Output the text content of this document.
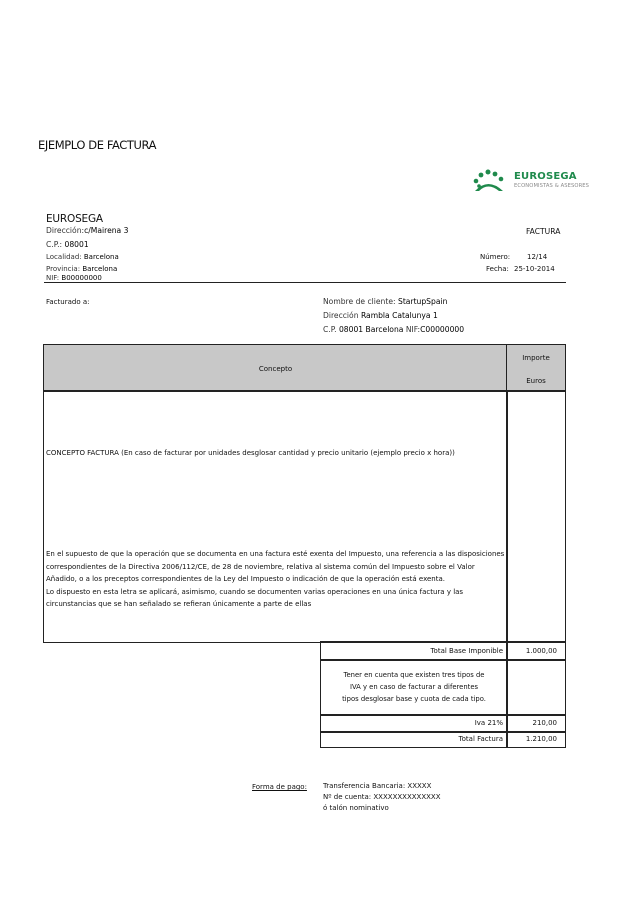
EJEMPLO DE FACTURA
EUROSEGA
ECONOMISTAS & ASESORES
EUROSEGA
Dirección:c/Mairena 3
C.P.: 08001
Localidad: Barcelona
Provincia: Barcelona
NIF: B00000000
FACTURA
Número: 12/14
Fecha: 25-10-2014
Facturado a:	Nombre de cliente: StartupSpain
Dirección Rambla Catalunya 1
C.P. 08001 Barcelona NIF:C00000000
Concepto
Importe
Euros
CONCEPTO FACTURA (En caso de facturar por unidades desglosar cantidad y precio unitario (ejemplo precio x hora))
En el supuesto de que la operación que se documenta en una factura esté exenta del Impuesto, una referencia a las disposiciones
correspondientes de la Directiva 2006/112/CE, de 28 de noviembre, relativa al sistema común del Impuesto sobre el Valor
Añadido, o a los preceptos correspondientes de la Ley del Impuesto o indicación de que la operación está exenta.
Lo dispuesto en esta letra se aplicará, asimismo, cuando se documenten varias operaciones en una única factura y las
circunstancias que se han señalado se refieran únicamente a parte de ellas
Total Base Imponible	1.000,00
Tener en cuenta que existen tres tipos de
IVA y en caso de facturar a diferentes
tipos desglosar base y cuota de cada tipo.
Iva 21%	210,00
Total Factura	1.210,00
Forma de pago: Transferencia Bancaria: XXXXX
Nº de cuenta: XXXXXXXXXXXXXX
ó talón nominativo
